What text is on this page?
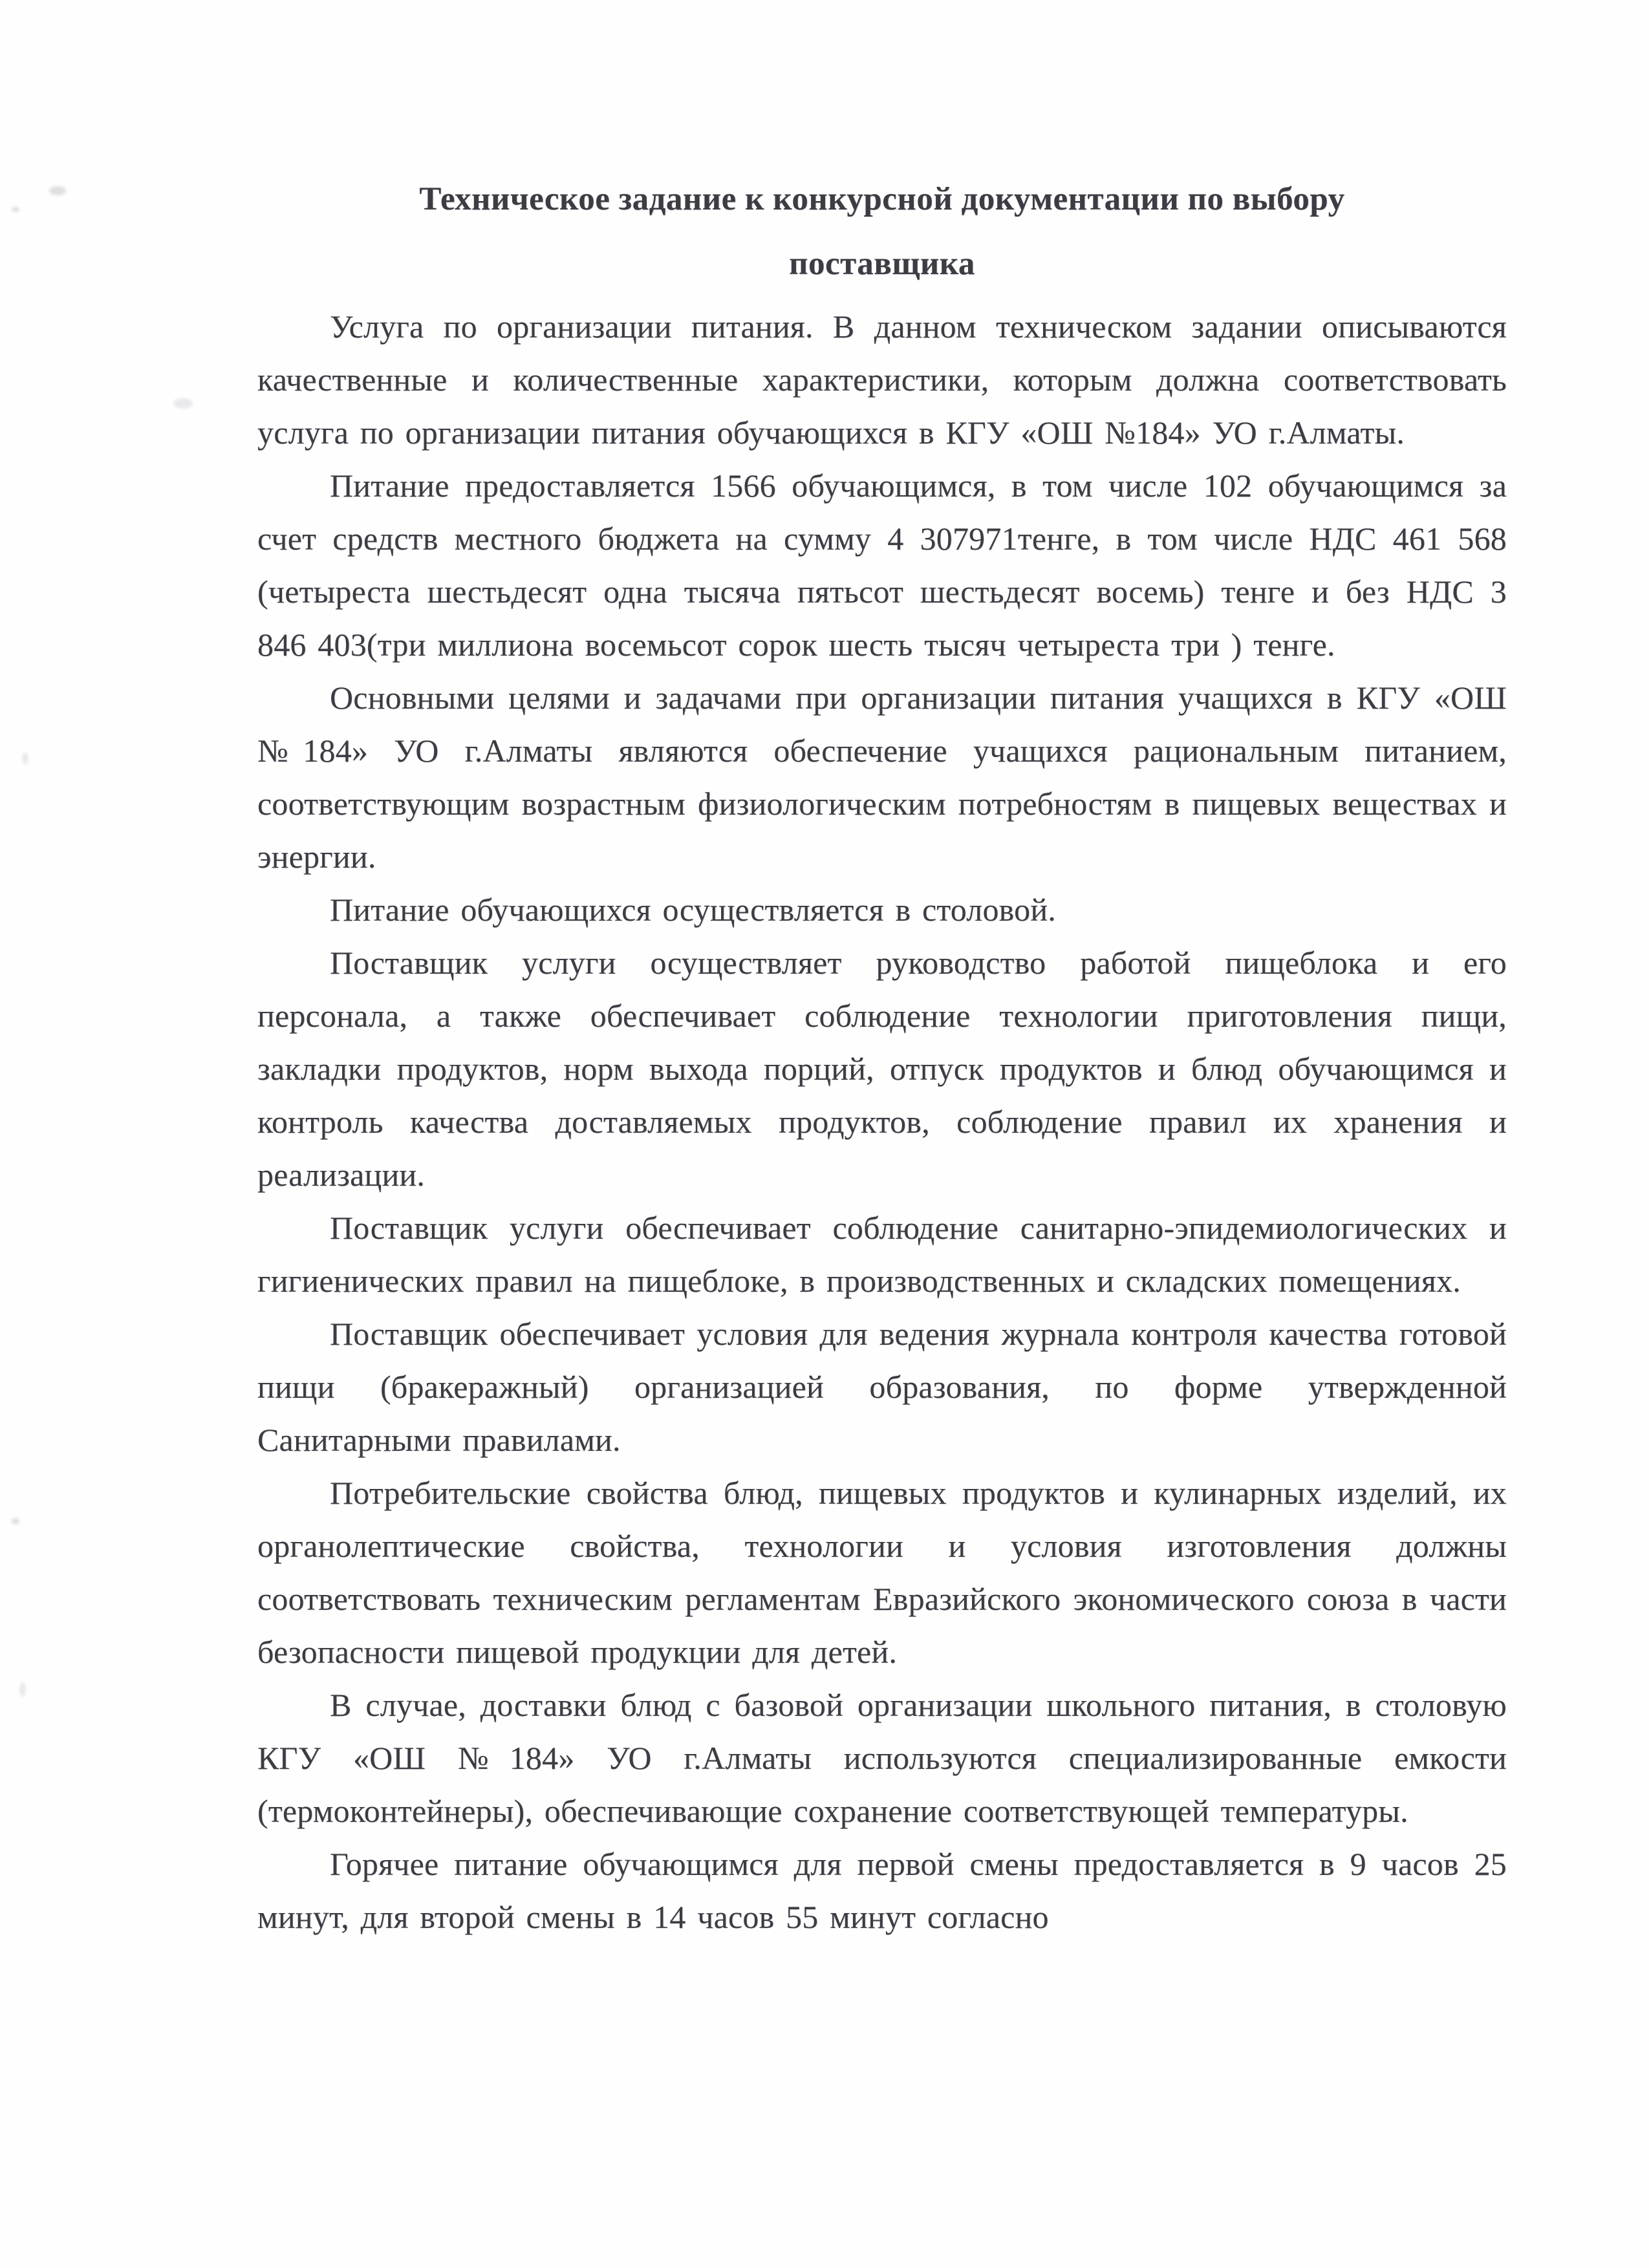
Техническое задание к конкурсной документации по выбору поставщика

Услуга по организации питания. В данном техническом задании описываются качественные и количественные характеристики, которым должна соответствовать услуга по организации питания обучающихся в КГУ «ОШ №184» УО г.Алматы.

Питание предоставляется 1566 обучающимся, в том числе 102 обучающимся за счет средств местного бюджета на сумму 4 307971тенге, в том числе НДС 461 568 (четыреста шестьдесят одна тысяча пятьсот шестьдесят восемь) тенге и без НДС 3 846 403(три миллиона восемьсот сорок шесть тысяч четыреста три ) тенге.

Основными целями и задачами при организации питания учащихся в КГУ «ОШ №184» УО г.Алматы являются обеспечение учащихся рациональным питанием, соответствующим возрастным физиологическим потребностям в пищевых веществах и энергии.

Питание обучающихся осуществляется в столовой.

Поставщик услуги осуществляет руководство работой пищеблока и его персонала, а также обеспечивает соблюдение технологии приготовления пищи, закладки продуктов, норм выхода порций, отпуск продуктов и блюд обучающимся и контроль качества доставляемых продуктов, соблюдение правил их хранения и реализации.

Поставщик услуги обеспечивает соблюдение санитарно-эпидемиологических и гигиенических правил на пищеблоке, в производственных и складских помещениях.

Поставщик обеспечивает условия для ведения журнала контроля качества готовой пищи (бракеражный) организацией образования, по форме утвержденной Санитарными правилами.

Потребительские свойства блюд, пищевых продуктов и кулинарных изделий, их органолептические свойства, технологии и условия изготовления должны соответствовать техническим регламентам Евразийского экономического союза в части безопасности пищевой продукции для детей.

В случае, доставки блюд с базовой организации школьного питания, в столовую КГУ «ОШ №184» УО г.Алматы используются специализированные емкости (термоконтейнеры), обеспечивающие сохранение соответствующей температуры.

Горячее питание обучающимся для первой смены предоставляется в 9 часов 25 минут, для второй смены в 14 часов 55 минут согласно
